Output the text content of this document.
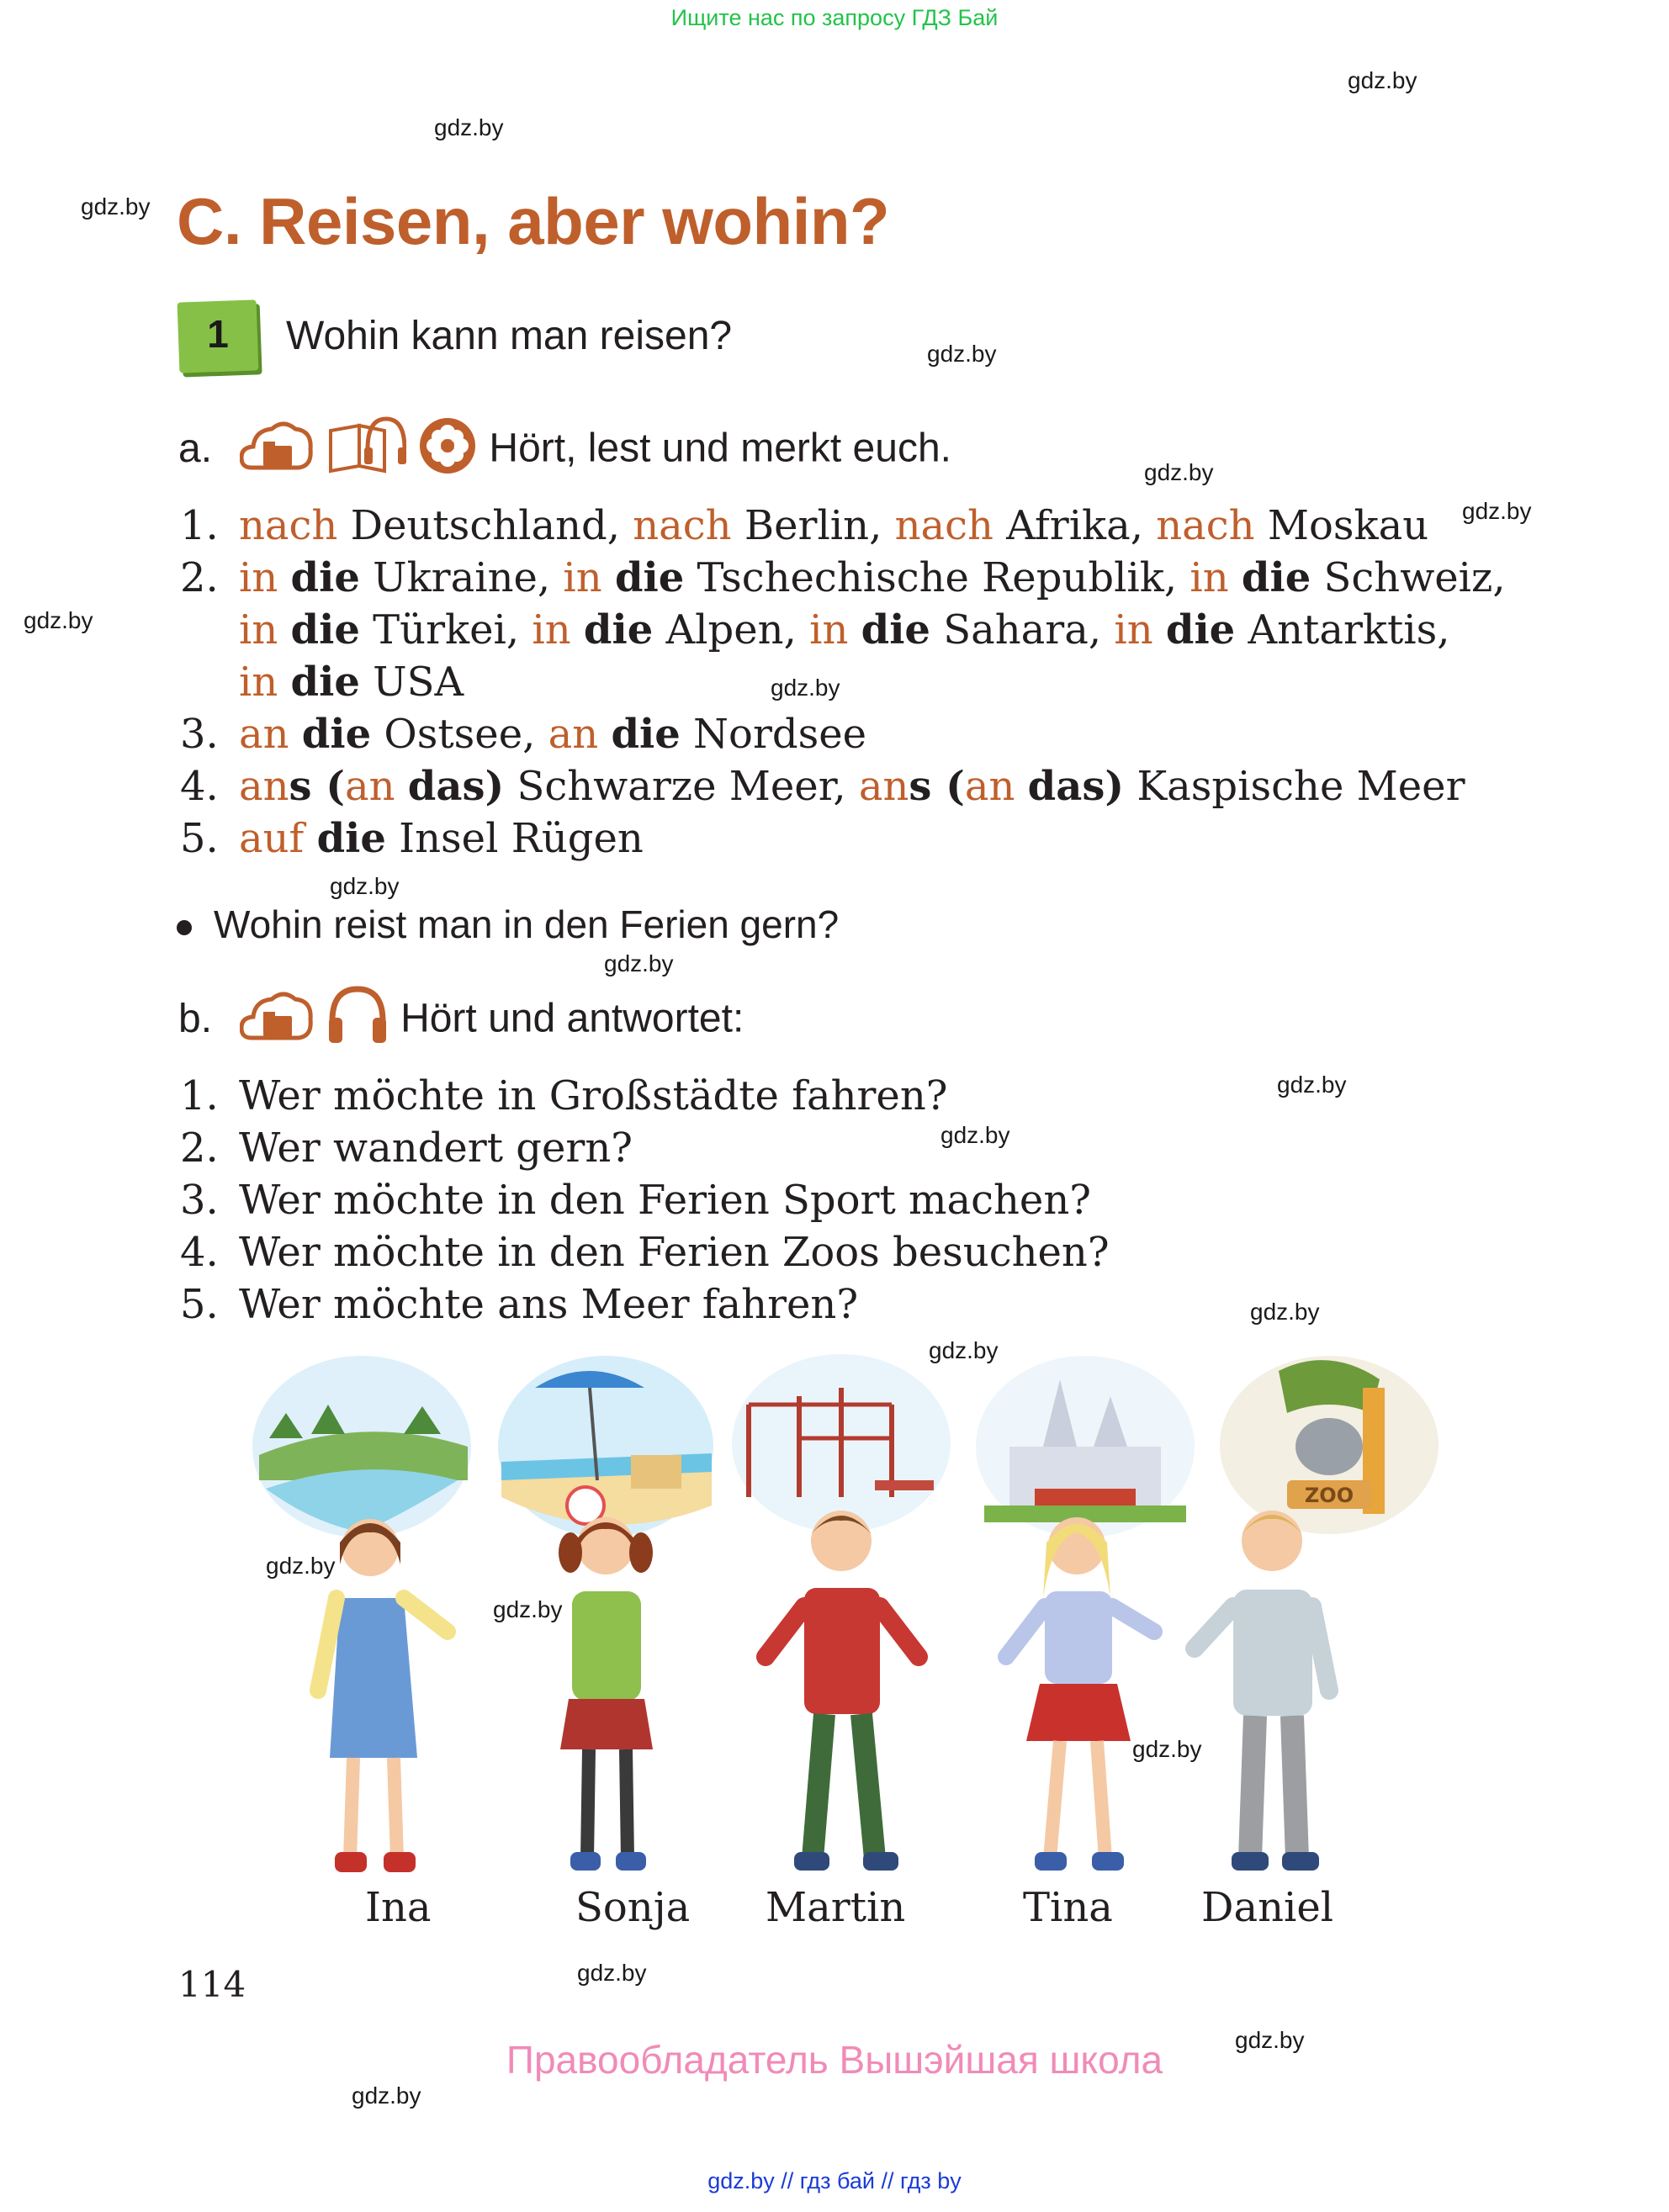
Ищите нас по запросу ГДЗ Бай
gdz.by
gdz.by
gdz.by
gdz.by
gdz.by
gdz.by
gdz.by
gdz.by
gdz.by
gdz.by
gdz.by
gdz.by
gdz.by
gdz.by
gdz.by
gdz.by
gdz.by
gdz.by
gdz.by
gdz.by
C. Reisen, aber wohin?
1	Wohin kann man reisen?
a.	Hört, lest und merkt euch.
1. nach Deutschland, nach Berlin, nach Afrika, nach Moskau
2. in die Ukraine, in die Tschechische Republik, in die Schweiz,
in die Türkei, in die Alpen, in die Sahara, in die Antarktis,
in die USA
3. an die Ostsee, an die Nordsee
4. ans (an das) Schwarze Meer, ans (an das) Kaspische Meer
5. auf die Insel Rügen
Wohin reist man in den Ferien gern?
b.	Hört und antwortet:
1. Wer möchte in Großstädte fahren?
2. Wer wandert gern?
3. Wer möchte in den Ferien Sport machen?
4. Wer möchte in den Ferien Zoos besuchen?
5. Wer möchte ans Meer fahren?
ZOO
Ina	Sonja Martin	Tina Daniel
114
Правообладатель Вышэйшая школа
gdz.by // гдз бай // гдз by
